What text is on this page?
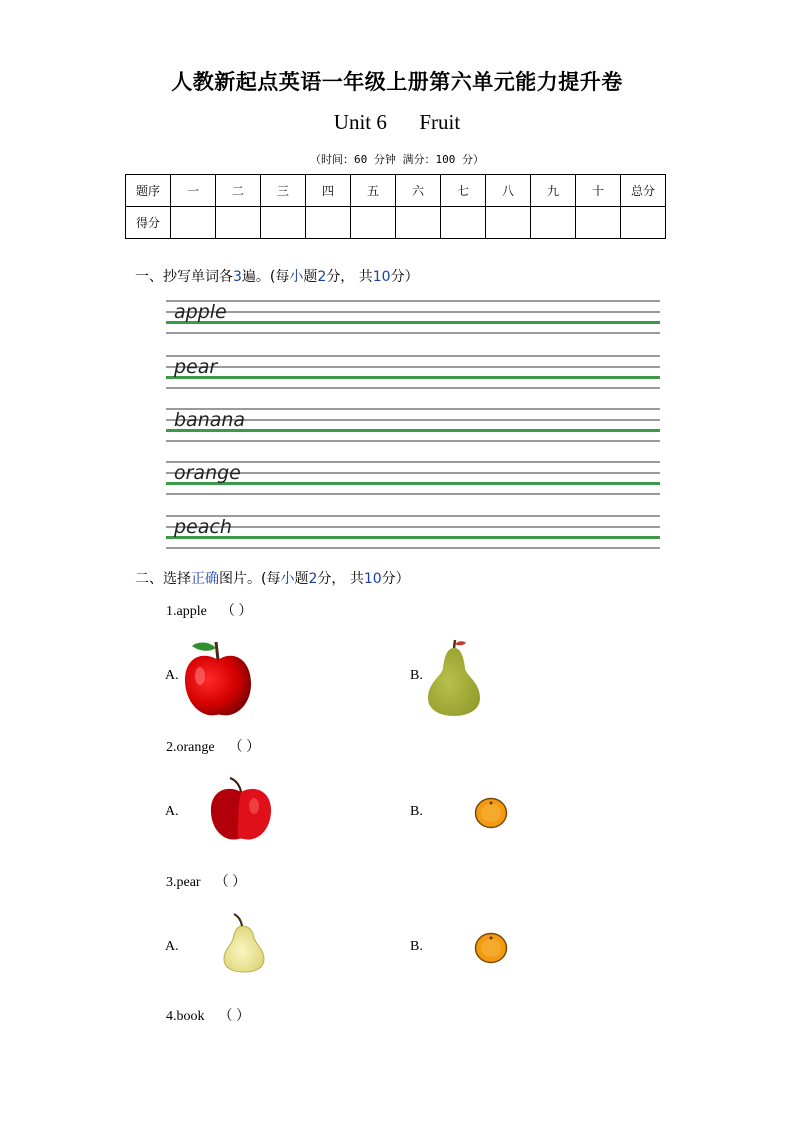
人教新起点英语一年级上册第六单元能力提升卷
Unit 6 Fruit
（时间：60 分钟 满分：100 分）
题序	一	二	三	四	五	六	七	八	九	十	总分
得分											
一、抄写单词各3遍。(每小题2分， 共10分）
apple
pear
banana
orange
peach
二、选择正确图片。(每小题2分， 共10分）
1.apple （ ）
A.	B.
2.orange （ ）
A.	B.
3.pear （ ）
A.	B.
4.book （ ）
